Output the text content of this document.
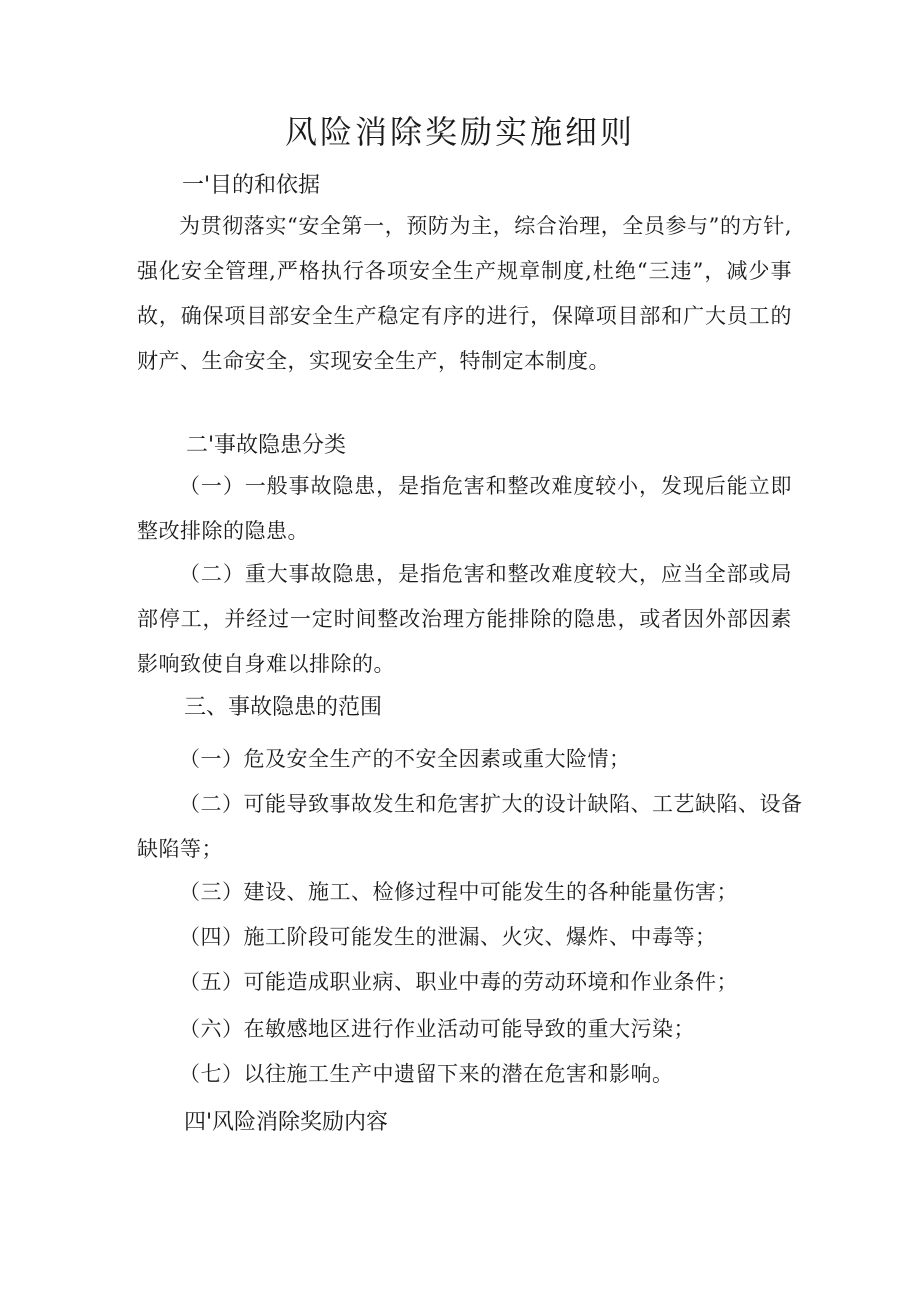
风险消除奖励实施细则
一'目的和依据

为贯彻落实“安全第一，预防为主，综合治理，全员参与”的方针,强化安全管理,严格执行各项安全生产规章制度,杜绝“三违”，减少事故，确保项目部安全生产稳定有序的进行，保障项目部和广大员工的财产、生命安全，实现安全生产，特制定本制度。

二'事故隐患分类

（一）一般事故隐患，是指危害和整改难度较小，发现后能立即整改排除的隐患。

（二）重大事故隐患，是指危害和整改难度较大，应当全部或局部停工，并经过一定时间整改治理方能排除的隐患，或者因外部因素影响致使自身难以排除的。

三、事故隐患的范围

（一）危及安全生产的不安全因素或重大险情；

（二）可能导致事故发生和危害扩大的设计缺陷、工艺缺陷、设备缺陷等；

（三）建设、施工、检修过程中可能发生的各种能量伤害；

（四）施工阶段可能发生的泄漏、火灾、爆炸、中毒等；

（五）可能造成职业病、职业中毒的劳动环境和作业条件；

（六）在敏感地区进行作业活动可能导致的重大污染；

（七）以往施工生产中遗留下来的潜在危害和影响。

四'风险消除奖励内容
